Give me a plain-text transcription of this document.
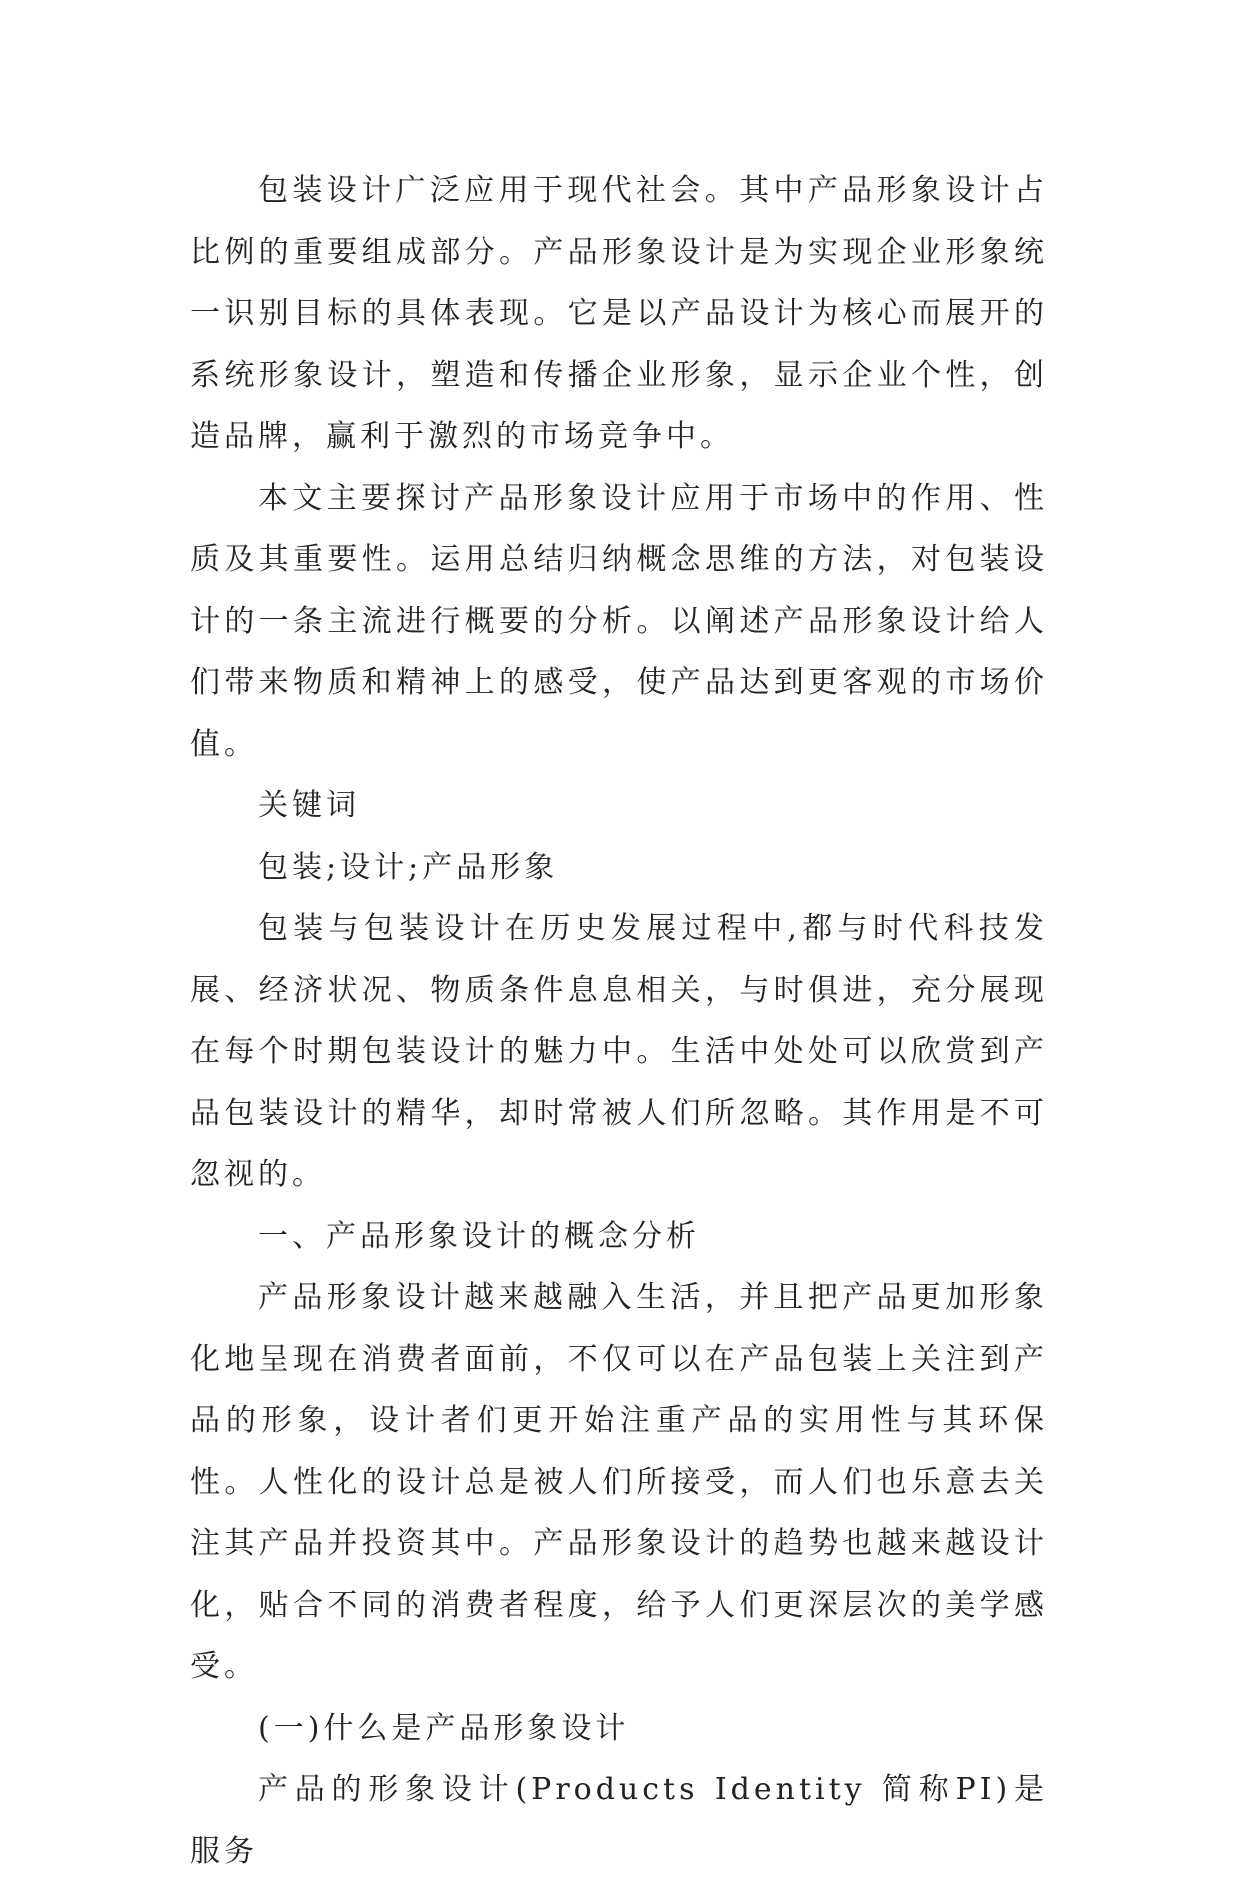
包装设计广泛应用于现代社会。其中产品形象设计占比例的重要组成部分。产品形象设计是为实现企业形象统一识别目标的具体表现。它是以产品设计为核心而展开的系统形象设计，塑造和传播企业形象，显示企业个性，创造品牌，赢利于激烈的市场竞争中。

本文主要探讨产品形象设计应用于市场中的作用、性质及其重要性。运用总结归纳概念思维的方法，对包装设计的一条主流进行概要的分析。以阐述产品形象设计给人们带来物质和精神上的感受，使产品达到更客观的市场价值。

关键词

包装;设计;产品形象

包装与包装设计在历史发展过程中,都与时代科技发展、经济状况、物质条件息息相关，与时俱进，充分展现在每个时期包装设计的魅力中。生活中处处可以欣赏到产品包装设计的精华，却时常被人们所忽略。其作用是不可忽视的。

一、产品形象设计的概念分析

产品形象设计越来越融入生活，并且把产品更加形象化地呈现在消费者面前，不仅可以在产品包装上关注到产品的形象，设计者们更开始注重产品的实用性与其环保性。人性化的设计总是被人们所接受，而人们也乐意去关注其产品并投资其中。产品形象设计的趋势也越来越设计化，贴合不同的消费者程度，给予人们更深层次的美学感受。

(一)什么是产品形象设计

产品的形象设计(Products Identity 简称PI)是服务
